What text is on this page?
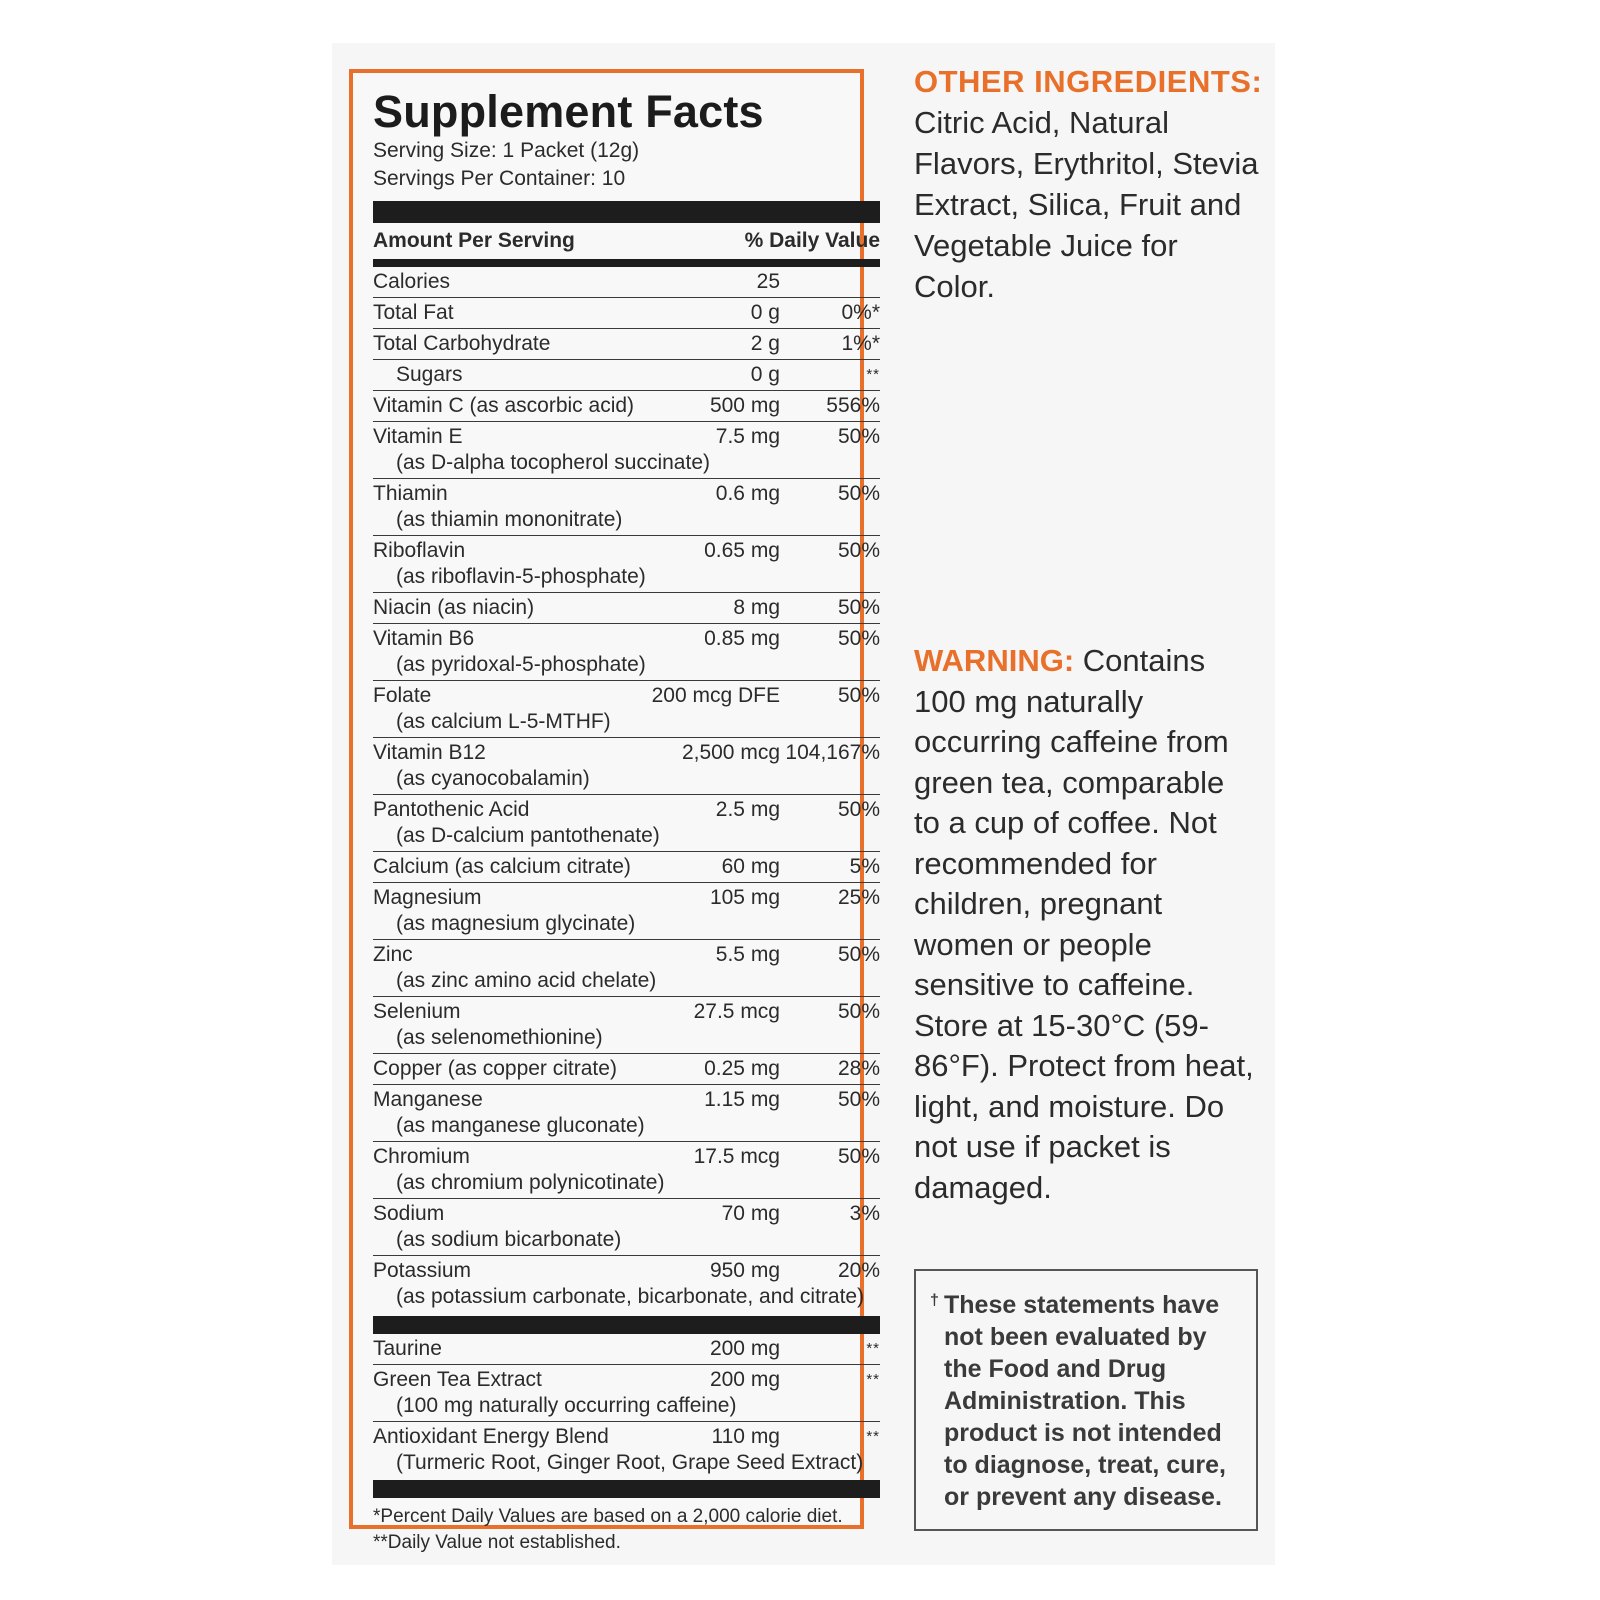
Supplement Facts
Serving Size: 1 Packet (12g)
Servings Per Container: 10
Amount Per Serving	% Daily Value
Calories	25
Total Fat	0 g	0%*
Total Carbohydrate	2 g	1%*
Sugars	0 g	**
Vitamin C (as ascorbic acid)	500 mg	556%
Vitamin E	7.5 mg	50%
(as D-alpha tocopherol succinate)
Thiamin	0.6 mg	50%
(as thiamin mononitrate)
Riboflavin	0.65 mg	50%
(as riboflavin-5-phosphate)
Niacin (as niacin)	8 mg	50%
Vitamin B6	0.85 mg	50%
(as pyridoxal-5-phosphate)
Folate	200 mcg DFE	50%
(as calcium L-5-MTHF)
Vitamin B12	2,500 mcg 104,167%
(as cyanocobalamin)
Pantothenic Acid	2.5 mg	50%
(as D-calcium pantothenate)
Calcium (as calcium citrate)	60 mg	5%
Magnesium	105 mg	25%
(as magnesium glycinate)
Zinc	5.5 mg	50%
(as zinc amino acid chelate)
Selenium	27.5 mcg	50%
(as selenomethionine)
Copper (as copper citrate)	0.25 mg	28%
Manganese	1.15 mg	50%
(as manganese gluconate)
Chromium	17.5 mcg	50%
(as chromium polynicotinate)
Sodium	70 mg	3%
(as sodium bicarbonate)
Potassium	950 mg	20%
(as potassium carbonate, bicarbonate, and citrate)
Taurine	200 mg	**
Green Tea Extract	200 mg	**
(100 mg naturally occurring caffeine)
Antioxidant Energy Blend	110 mg	**
(Turmeric Root, Ginger Root, Grape Seed Extract)
*Percent Daily Values are based on a 2,000 calorie diet.
**Daily Value not established.
OTHER INGREDIENTS:
Citric Acid, Natural Flavors, Erythritol, Stevia Extract, Silica, Fruit and Vegetable Juice for Color.
WARNING: Contains 100 mg naturally occurring caffeine from green tea, comparable to a cup of coffee. Not recommended for children, pregnant women or people sensitive to caffeine. Store at 15-30°C (59-86°F). Protect from heat, light, and moisture. Do not use if packet is damaged.
† These statements have not been evaluated by the Food and Drug Administration. This product is not intended to diagnose, treat, cure, or prevent any disease.
